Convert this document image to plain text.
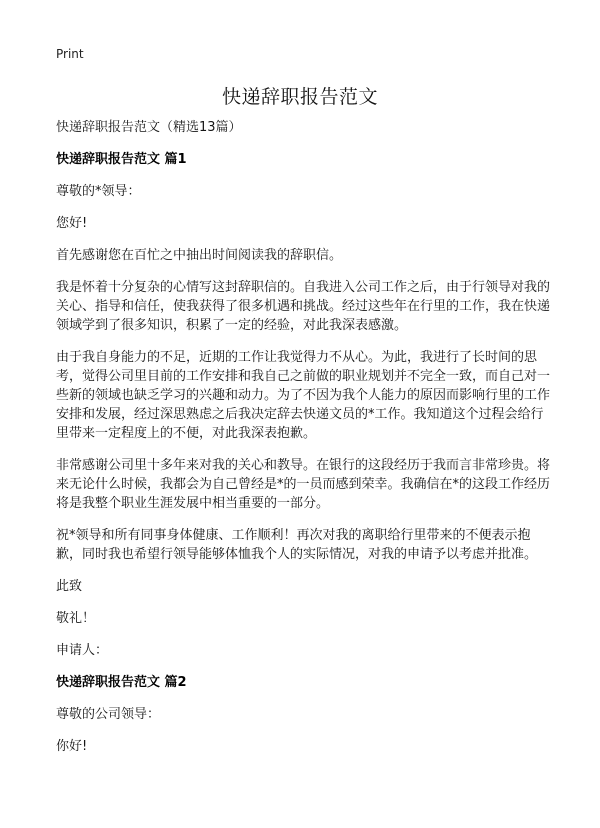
Print
快递辞职报告范文

快递辞职报告范文（精选13篇）

快递辞职报告范文 篇1

尊敬的*领导：

您好!

首先感谢您在百忙之中抽出时间阅读我的辞职信。

我是怀着十分复杂的心情写这封辞职信的。自我进入公司工作之后，由于行领导对我的关心、指导和信任，使我获得了很多机遇和挑战。经过这些年在行里的工作，我在快递领域学到了很多知识，积累了一定的经验，对此我深表感激。

由于我自身能力的不足，近期的工作让我觉得力不从心。为此，我进行了长时间的思考，觉得公司里目前的工作安排和我自己之前做的职业规划并不完全一致，而自己对一些新的领域也缺乏学习的兴趣和动力。为了不因为我个人能力的原因而影响行里的工作安排和发展，经过深思熟虑之后我决定辞去快递文员的*工作。我知道这个过程会给行里带来一定程度上的不便，对此我深表抱歉。

非常感谢公司里十多年来对我的关心和教导。在银行的这段经历于我而言非常珍贵。将来无论什么时候，我都会为自己曾经是*的一员而感到荣幸。我确信在*的这段工作经历将是我整个职业生涯发展中相当重要的一部分。

祝*领导和所有同事身体健康、工作顺利！再次对我的离职给行里带来的不便表示抱歉，同时我也希望行领导能够体恤我个人的实际情况，对我的申请予以考虑并批准。

此致

敬礼！

申请人：

快递辞职报告范文 篇2

尊敬的公司领导：

你好!
